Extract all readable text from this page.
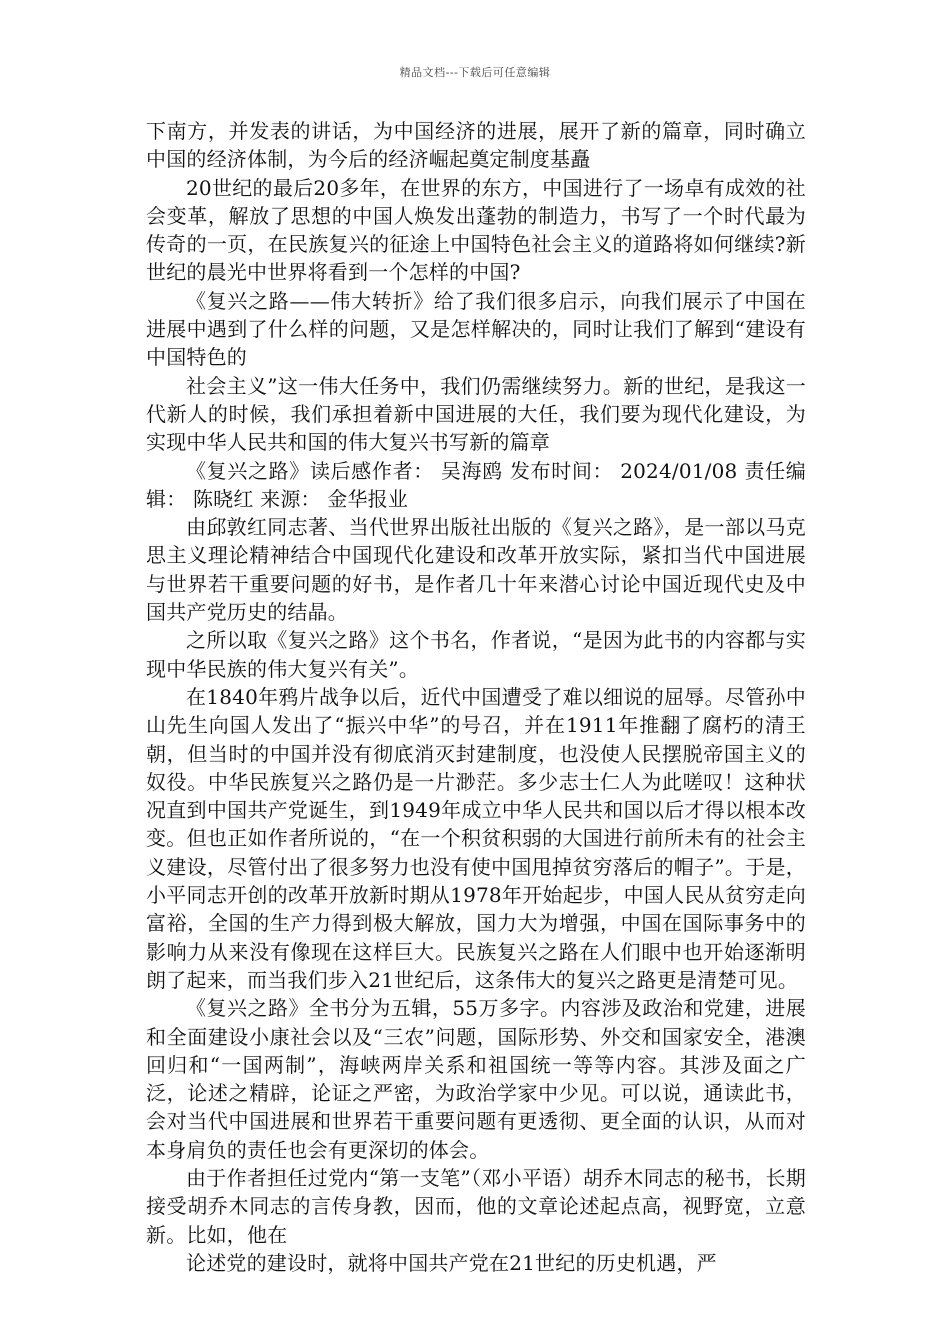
精品文档---下载后可任意编辑

下南方，并发表的讲话，为中国经济的进展，展开了新的篇章，同时确立中国的经济体制，为今后的经济崛起奠定制度基矗

20世纪的最后20多年，在世界的东方，中国进行了一场卓有成效的社会变革，解放了思想的中国人焕发出蓬勃的制造力，书写了一个时代最为传奇的一页，在民族复兴的征途上中国特色社会主义的道路将如何继续?新世纪的晨光中世界将看到一个怎样的中国?

《复兴之路——伟大转折》给了我们很多启示，向我们展示了中国在进展中遇到了什么样的问题，又是怎样解决的，同时让我们了解到“建设有中国特色的

社会主义”这一伟大任务中，我们仍需继续努力。新的世纪，是我这一代新人的时候，我们承担着新中国进展的大任，我们要为现代化建设，为实现中华人民共和国的伟大复兴书写新的篇章

《复兴之路》读后感作者： 吴海鸥 发布时间： 2024/01/08 责任编辑： 陈晓红 来源： 金华报业

由邱敦红同志著、当代世界出版社出版的《复兴之路》，是一部以马克思主义理论精神结合中国现代化建设和改革开放实际，紧扣当代中国进展与世界若干重要问题的好书，是作者几十年来潜心讨论中国近现代史及中国共产党历史的结晶。

之所以取《复兴之路》这个书名，作者说，“是因为此书的内容都与实现中华民族的伟大复兴有关”。

在1840年鸦片战争以后，近代中国遭受了难以细说的屈辱。尽管孙中山先生向国人发出了“振兴中华”的号召，并在1911年推翻了腐朽的清王朝，但当时的中国并没有彻底消灭封建制度，也没使人民摆脱帝国主义的奴役。中华民族复兴之路仍是一片渺茫。多少志士仁人为此嗟叹！这种状况直到中国共产党诞生，到1949年成立中华人民共和国以后才得以根本改变。但也正如作者所说的，“在一个积贫积弱的大国进行前所未有的社会主义建设，尽管付出了很多努力也没有使中国甩掉贫穷落后的帽子”。于是，小平同志开创的改革开放新时期从1978年开始起步，中国人民从贫穷走向富裕，全国的生产力得到极大解放，国力大为增强，中国在国际事务中的影响力从来没有像现在这样巨大。民族复兴之路在人们眼中也开始逐渐明朗了起来，而当我们步入21世纪后，这条伟大的复兴之路更是清楚可见。

《复兴之路》全书分为五辑，55万多字。内容涉及政治和党建，进展和全面建设小康社会以及“三农”问题，国际形势、外交和国家安全，港澳回归和“一国两制”，海峡两岸关系和祖国统一等等内容。其涉及面之广泛，论述之精辟，论证之严密，为政治学家中少见。可以说，通读此书，会对当代中国进展和世界若干重要问题有更透彻、更全面的认识，从而对本身肩负的责任也会有更深切的体会。

由于作者担任过党内“第一支笔”（邓小平语）胡乔木同志的秘书，长期接受胡乔木同志的言传身教，因而，他的文章论述起点高，视野宽，立意新。比如，他在

论述党的建设时，就将中国共产党在21世纪的历史机遇，严
